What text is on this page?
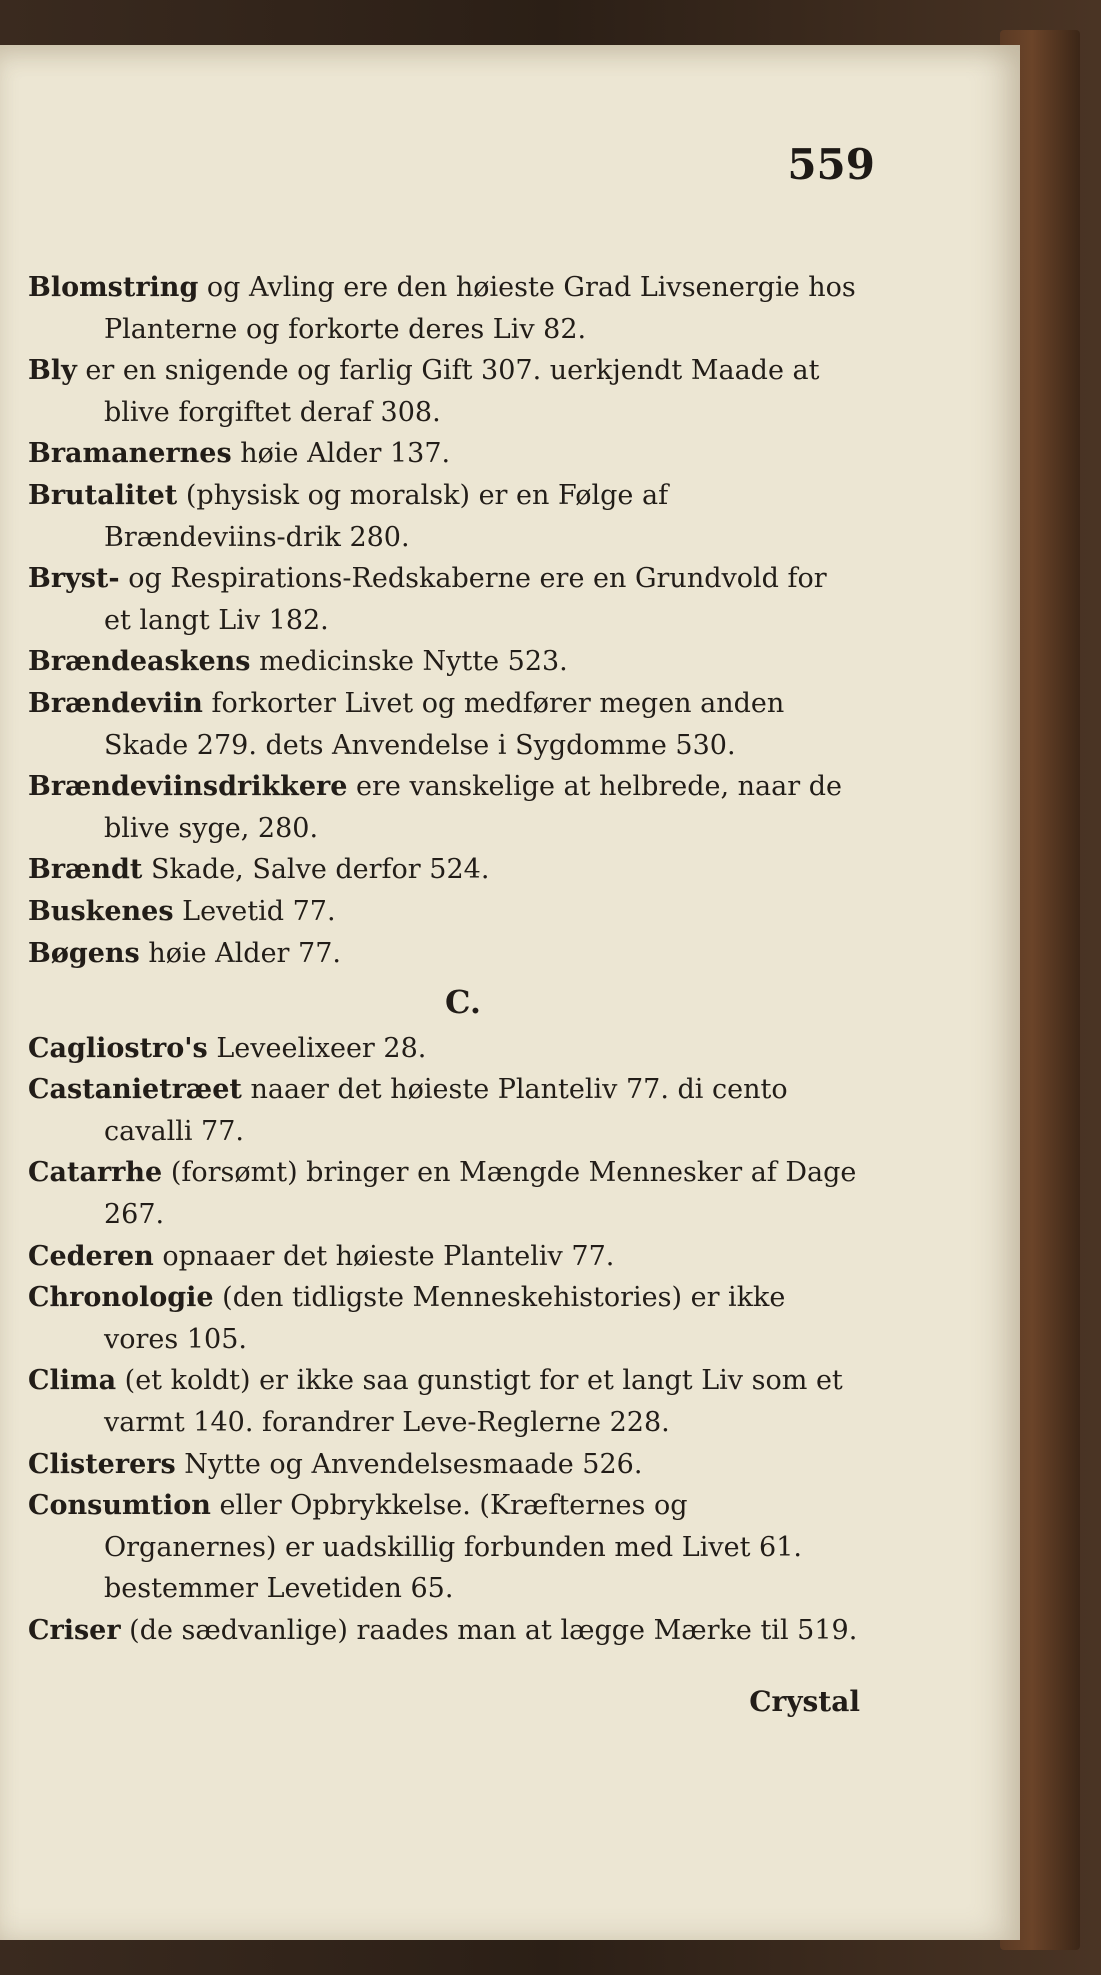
559

Blomstring og Avling ere den høieste Grad Livsenergie hos Planterne og forkorte deres Liv 82.

Bly er en snigende og farlig Gift 307. uerkjendt Maade at blive forgiftet deraf 308.

Bramanernes høie Alder 137.

Brutalitet (physisk og moralsk) er en Følge af Brændeviins-drik 280.

Bryst- og Respirations-Redskaberne ere en Grundvold for et langt Liv 182.

Brændeaskens medicinske Nytte 523.

Brændeviin forkorter Livet og medfører megen anden Skade 279. dets Anvendelse i Sygdomme 530.

Brændeviinsdrikkere ere vanskelige at helbrede, naar de blive syge, 280.

Brændt Skade, Salve derfor 524.

Buskenes Levetid 77.

Bøgens høie Alder 77.

C.

Cagliostro's Leveelixeer 28.

Castanietræet naaer det høieste Planteliv 77. di cento cavalli 77.

Catarrhe (forsømt) bringer en Mængde Mennesker af Dage 267.

Cederen opnaaer det høieste Planteliv 77.

Chronologie (den tidligste Menneskehistories) er ikke vores 105.

Clima (et koldt) er ikke saa gunstigt for et langt Liv som et varmt 140. forandrer Leve-Reglerne 228.

Clisterers Nytte og Anvendelsesmaade 526.

Consumtion eller Opbrykkelse. (Kræfternes og Organernes) er uadskillig forbunden med Livet 61. bestemmer Levetiden 65.

Criser (de sædvanlige) raades man at lægge Mærke til 519.

Crystal
